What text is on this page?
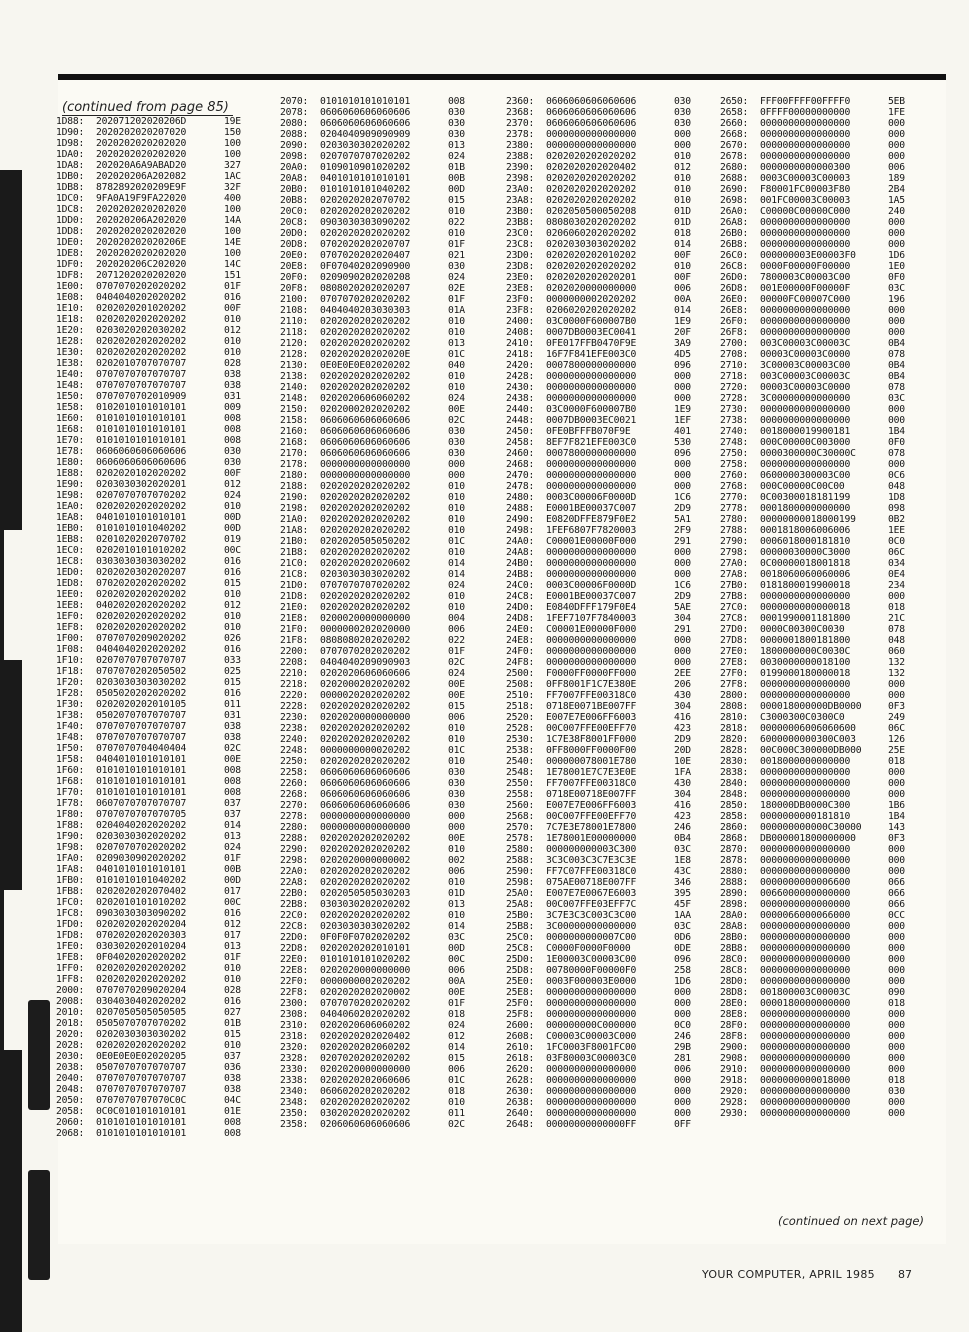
(continued from page 85)
1D88:	202071202020206D	19E
1D90:	2020202020207020	150
1D98:	2020202020202020	100
1DA0:	2020202020202020	100
1DA8:	202020A6A9ABAD20	327
1DB0:	202020206A202082	1AC
1DB8:	8782892020209E9F	32F
1DC0:	9FA0A19F9FA22020	400
1DC8:	2020202020202020	100
1DD0:	202020206A202020	14A
1DD8:	2020202020202020	100
1DE0:	202020202020206E	14E
1DE8:	2020202020202020	100
1DF0:	202020206C202020	14C
1DF8:	2071202020202020	151
1E00:	0707070202020202	01F
1E08:	0404040202020202	016
1E10:	0202020201020202	00F
1E18:	0202020202020202	010
1E20:	0203020202030202	012
1E28:	0202020202020202	010
1E30:	0202020202020202	010
1E38:	0202010707070707	028
1E40:	0707070707070707	038
1E48:	0707070707070707	038
1E50:	0707070702010909	031
1E58:	0102010101010101	009
1E60:	0101010101010101	008
1E68:	0101010101010101	008
1E70:	0101010101010101	008
1E78:	0606060606060606	030
1E80:	0606060606060606	030
1E88:	0202020102020202	00F
1E90:	0203030302020201	012
1E98:	0207070707070202	024
1EA0:	0202020202020202	010
1EA8:	0401010101010101	00D
1EB0:	0101010101040202	00D
1EB8:	0201020202070702	019
1EC0:	0202010101010202	00C
1EC8:	0303030303030202	016
1ED0:	0202020302020207	016
1ED8:	0702020202020202	015
1EE0:	0202020202020202	010
1EE8:	0402020202020202	012
1EF0:	0202020202020202	010
1EF8:	0202020202020202	010
1F00:	0707070209020202	026
1F08:	0404040202020202	016
1F10:	0207070707070707	033
1F18:	0707070202050502	025
1F20:	0203030303030202	015
1F28:	0505020202020202	016
1F30:	0202020202010105	011
1F38:	0502070707070707	031
1F40:	0707070707070707	038
1F48:	0707070707070707	038
1F50:	0707070704040404	02C
1F58:	0404010101010101	00E
1F60:	0101010101010101	008
1F68:	0101010101010101	008
1F70:	0101010101010101	008
1F78:	0607070707070707	037
1F80:	0707070707070705	037
1F88:	0204040202020202	014
1F90:	0203030302020202	013
1F98:	0207070702020202	024
1FA0:	0209030902020202	01F
1FA8:	0401010101010101	00B
1FB0:	0101010101040202	00D
1FB8:	0202020202070402	017
1FC0:	0202010101010202	00C
1FC8:	0903030303090202	016
1FD0:	0202020202020204	012
1FD8:	0702020202020303	017
1FE0:	0303020202010204	013
1FE8:	0F04020202020202	01F
1FF0:	0202020202020202	010
1FF8:	0202020202020202	010
2000:	0707070209020204	028
2008:	0304030402020202	016
2010:	0207050505050505	027
2018:	0505070707070202	01B
2020:	0202030303030202	015
2028:	0202020202020202	010
2030:	0E0E0E0E02020205	037
2038:	0507070707070707	036
2040:	0707070707070707	038
2048:	0707070707070707	038
2050:	0707070707070C0C	04C
2058:	0C0C010101010101	01E
2060:	0101010101010101	008
2068:	0101010101010101	008
2070:	0101010101010101	008
2078:	0606060606060606	030
2080:	0606060606060606	030
2088:	0204040909090909	030
2090:	0203030302020202	013
2098:	0207070707020202	024
20A0:	0109010901020202	01B
20A8:	0401010101010101	00B
20B0:	0101010101040202	00D
20B8:	0202020202070702	015
20C0:	0202020202020202	010
20C8:	0903030303090202	022
20D0:	0202020202020202	010
20D8:	0702020202020707	01F
20E0:	0707020202020407	021
20E8:	0F07040202090900	030
20F0:	0209090202020208	024
20F8:	0808020202020207	02E
2100:	0707070202020202	01F
2108:	0404040203030303	01A
2110:	0202020202020202	010
2118:	0202020202020202	010
2120:	0202020202020202	013
2128:	020202020202020E	01C
2130:	0E0E0E0E02020202	040
2138:	0202020202020202	010
2140:	0202020202020202	010
2148:	0202020606060202	024
2150:	0202000202020202	00E
2158:	0606060606060606	02C
2160:	0606060606060606	030
2168:	0606060606060606	030
2170:	0606060606060606	030
2178:	0000000000000000	000
2180:	0000000000000000	000
2188:	0202020202020202	010
2190:	0202020202020202	010
2198:	0202020202020202	010
21A0:	0202020202020202	010
21A8:	0202020202020202	010
21B0:	0202020505050202	01C
21B8:	0202020202020202	010
21C0:	0202020202020602	014
21C8:	0203030303020202	014
21D0:	0707070707020202	024
21D8:	0202020202020202	010
21E0:	0202020202020202	010
21E8:	0200020000000000	004
21F0:	0000000202020000	006
21F8:	0808080202020202	022
2200:	0707070202020202	01F
2208:	0404040209090903	02C
2210:	0202020606060606	024
2218:	0202000202020202	00E
2220:	0000020202020202	00E
2228:	0202020202020202	015
2230:	0202020000000000	006
2238:	0202020202020202	010
2240:	0202020202020202	010
2248:	0000000000020202	01C
2250:	0202020202020202	010
2258:	0606060606060606	030
2260:	0606060606060606	030
2268:	0606060606060606	030
2270:	0606060606060606	030
2278:	0000000000000000	000
2280:	0000000000000000	000
2288:	0202020202020202	00E
2290:	0202020202020202	010
2298:	0202020000000002	002
22A0:	0202020202020202	006
22A8:	0202020202020202	010
22B0:	0202050505030203	01D
22B8:	0303030202020202	013
22C0:	0202020202020202	010
22C8:	0203030303020202	014
22D0:	0F0F0F0702020202	03C
22D8:	0202020202010101	00D
22E0:	0101010101020202	00C
22E8:	0202020000000000	006
22F0:	0000000002020202	00A
22F8:	0202020202020002	00E
2300:	0707070202020202	01F
2308:	0404060202020202	018
2310:	0202020606060202	024
2318:	0202020202020402	012
2320:	0202020202060202	014
2328:	0207020202020202	015
2330:	0202020000000000	006
2338:	0202020202060606	01C
2340:	0606020202020202	018
2348:	0202020202020202	010
2350:	0302020202020202	011
2358:	0206060606060606	02C
2360:	0606060606060606	030
2368:	0606060606060606	030
2370:	0606060606060606	030
2378:	0000000000000000	000
2380:	0000000000000000	000
2388:	0202020202020202	010
2390:	0202020202020402	012
2398:	0202020202020202	010
23A0:	0202020202020202	010
23A8:	0202020202020202	010
23B0:	0202050500050208	01D
23B8:	0808030202020202	01D
23C0:	0206060202020202	018
23C8:	0202030303020202	014
23D0:	0202020202010202	00F
23D8:	0202020202020202	010
23E0:	0202020202020201	00F
23E8:	0202020000000000	006
23F0:	0000000002020202	00A
23F8:	0206020202020202	014
2400:	03C0000F600007B0	1E9
2408:	0007DB0003EC0041	20F
2410:	0FE017FFB0470F9E	3A9
2418:	16F7F841EFE003C0	4D5
2420:	0007800000000000	096
2428:	0000000000000000	000
2430:	0000000000000000	000
2438:	0000000000000000	000
2440:	03C0000F600007B0	1E9
2448:	0007DB0003EC0021	1EF
2450:	0FE0BFFFB070F9E	401
2458:	8EF7F821EFE003C0	530
2460:	0007800000000000	096
2468:	0000000000000000	000
2470:	0000000000000000	000
2478:	0000000000000000	000
2480:	0003C00006F0000D	1C6
2488:	E0001BE00037C007	2D9
2490:	E0820DFFE879F0E2	5A1
2498:	1FEF6807F7820003	2F9
24A0:	C00001E00000F000	291
24A8:	0000000000000000	000
24B0:	0000000000000000	000
24B8:	0000000000000000	000
24C0:	0003C00006F0000D	1C6
24C8:	E0001BE00037C007	2D9
24D0:	E0840DFFF179F0E4	5AE
24D8:	1FEF7107F7840003	304
24E0:	C00001E00000F000	291
24E8:	0000000000000000	000
24F0:	0000000000000000	000
24F8:	0000000000000000	000
2500:	F0000FF0000FF000	2EE
2508:	0FF8001F1C7E380E	206
2510:	FF7007FFE00318C0	430
2518:	0718E0071BE007FF	304
2520:	E007E7E006FF6003	416
2528:	00C007FFE00EFF70	423
2530:	1C7E38F8001FF000	2D9
2538:	0FF8000FF0000F00	20D
2540:	000000078001E780	10E
2548:	1E78001E7C7E3E0E	1FA
2550:	FF7007FFE00318C0	430
2558:	0718E00718E007FF	304
2560:	E007E7E006FF6003	416
2568:	00C007FFE00EFF70	423
2570:	7C7E3E78001E7800	246
2578:	1E78001E00000000	0B4
2580:	000000000003C300	03C
2588:	3C3C003C3C7E3C3E	1E8
2590:	FF7C07FFE00318C0	43C
2598:	075AE00718E007FF	346
25A0:	E007E7E0067E6003	395
25A8:	00C007FFE03EFF7C	45F
25B0:	3C7E3C3C003C3C00	1AA
25B8:	3C00000000000000	03C
25C0:	0000000000007C00	0D6
25C8:	C0000F0000F0000	0DE
25D0:	1E00003C00003C00	096
25D8:	00780000F00000F0	258
25E0:	0003F000003E0000	1D6
25E8:	0000000000000000	000
25F0:	0000000000000000	000
25F8:	0000000000000000	000
2600:	000000000C000000	0C0
2608:	C00003C00003C000	246
2610:	1FC0003F8001FC00	29B
2618:	03F80003C00003C0	281
2620:	0000000000000000	006
2628:	0000000000000000	000
2630:	0000000000000000	000
2638:	0000000000000000	000
2640:	0000000000000000	000
2648:	00000000000000FF	0FF
2650:	FFF00FFFF00FFFF0	5EB
2658:	0FFFF00000000000	1FE
2660:	0000000000000000	000
2668:	0000000000000000	000
2670:	0000000000000000	000
2678:	0000000000000000	000
2680:	0000000000000300	006
2688:	0003C00003C00003	189
2690:	F80001FC00003F80	2B4
2698:	001FC00003C00003	1A5
26A0:	C00000C00000C000	240
26A8:	0000000000000000	000
26B0:	0000000000000000	000
26B8:	0000000000000000	000
26C0:	000000003E00003F0	1D6
26C8:	0000F00000F00000	1E0
26D0:	7800003C00003C00	0F0
26D8:	001E00000F00000F	03C
26E0:	00000FC00007C000	196
26E8:	0000000000000000	000
26F0:	0000000000000000	000
26F8:	0000000000000000	000
2700:	003C00003C00003C	0B4
2708:	00003C00003C0000	078
2710:	3C00003C00003C00	0B4
2718:	003C00003C00003C	0B4
2720:	00003C00003C0000	078
2728:	3C00000000000000	03C
2730:	0000000000000000	000
2738:	0000000000000000	000
2740:	0018000019900181	1B4
2748:	000C00000C003000	0F0
2750:	0000300000C30000C	078
2758:	0000000000000000	000
2760:	0600000300003C00	0C6
2768:	000C00000C00C00	048
2770:	0C00300018181199	1D8
2778:	0001800000000000	098
2780:	00000000018000199	0B2
2788:	0001818006006006	1EE
2790:	0006018000181810	0C0
2798:	00000030000C3000	06C
27A0:	0C00000018001818	034
27A8:	0018060060060006	0E4
27B0:	0181800019900018	234
27B8:	0000000000000000	000
27C0:	0000000000000018	018
27C8:	0001990001181800	21C
27D0:	0000C00300C0030	078
27D8:	0000001800181800	048
27E0:	1800000000C0030C	060
27E8:	0030000000018100	132
27F0:	0199000180000018	132
27F8:	0000000000000000	000
2800:	0000000000000000	000
2808:	000018000000DB0000	0F3
2810:	C3000300C0300C0	249
2818:	00000006006060600	06C
2820:	6000000000300C003	126
2828:	00C000C300000DB000	25E
2830:	0018000000000000	018
2838:	0000000000000000	000
2840:	0000000000000000	000
2848:	0000000000000000	000
2850:	180000DB0000C300	1B6
2858:	0000000000181810	1B4
2860:	000000000000C30000	143
2868:	DB000001800000000	0F3
2870:	0000000000000000	000
2878:	0000000000000000	000
2880:	0000000000000000	000
2888:	0000000000006600	066
2890:	0066000000000000	066
2898:	0000000000000000	066
28A0:	0000066000066000	0CC
28A8:	0000000000000000	000
28B0:	0000000000000000	000
28B8:	0000000000000000	000
28C0:	0000000000000000	000
28C8:	0000000000000000	000
28D0:	0000000000000000	000
28D8:	001800003C00003C	090
28E0:	0000180000000000	018
28E8:	0000000000000000	000
28F0:	0000000000000000	000
28F8:	0000000000000000	000
2900:	0000000000000000	000
2908:	0000000000000000	000
2910:	0000000000000000	000
2918:	0000000000018000	018
2920:	0000000000000000	030
2928:	0000000000000000	000
2930:	0000000000000000	000
(continued on next page)
YOUR COMPUTER, APRIL 1985 87
